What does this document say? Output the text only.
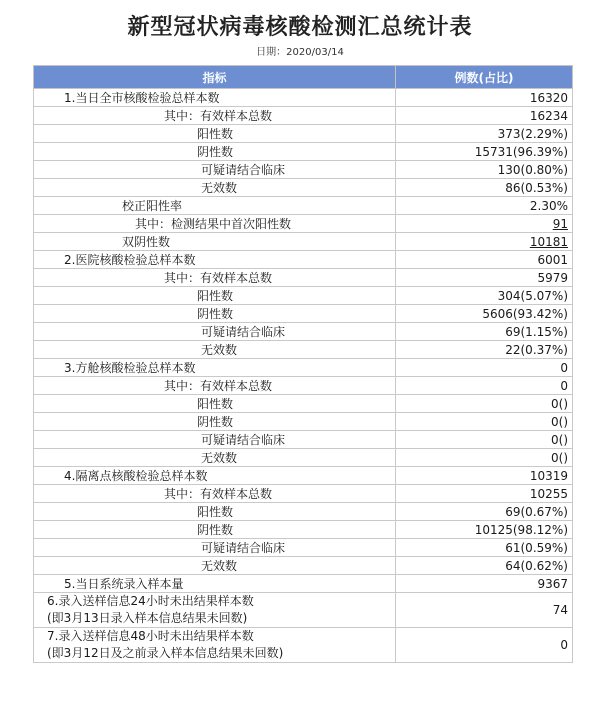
新型冠状病毒核酸检测汇总统计表
日期：2020/03/14
指标	例数(占比)
1.当日全市核酸检验总样本数	16320
其中：有效样本总数	16234
阳性数	373(2.29%)
阴性数	15731(96.39%)
可疑请结合临床	130(0.80%)
无效数	86(0.53%)
校正阳性率	2.30%
其中：检测结果中首次阳性数	91
双阴性数	10181
2.医院核酸检验总样本数	6001
其中：有效样本总数	5979
阳性数	304(5.07%)
阴性数	5606(93.42%)
可疑请结合临床	69(1.15%)
无效数	22(0.37%)
3.方舱核酸检验总样本数	0
其中：有效样本总数	0
阳性数	0()
阴性数	0()
可疑请结合临床	0()
无效数	0()
4.隔离点核酸检验总样本数	10319
其中：有效样本总数	10255
阳性数	69(0.67%)
阴性数	10125(98.12%)
可疑请结合临床	61(0.59%)
无效数	64(0.62%)
5.当日系统录入样本量	9367

6.录入送样信息24小时未出结果样本数
(即3月13日录入样本信息结果未回数)	74

7.录入送样信息48小时未出结果样本数
(即3月12日及之前录入样本信息结果未回数)	0
